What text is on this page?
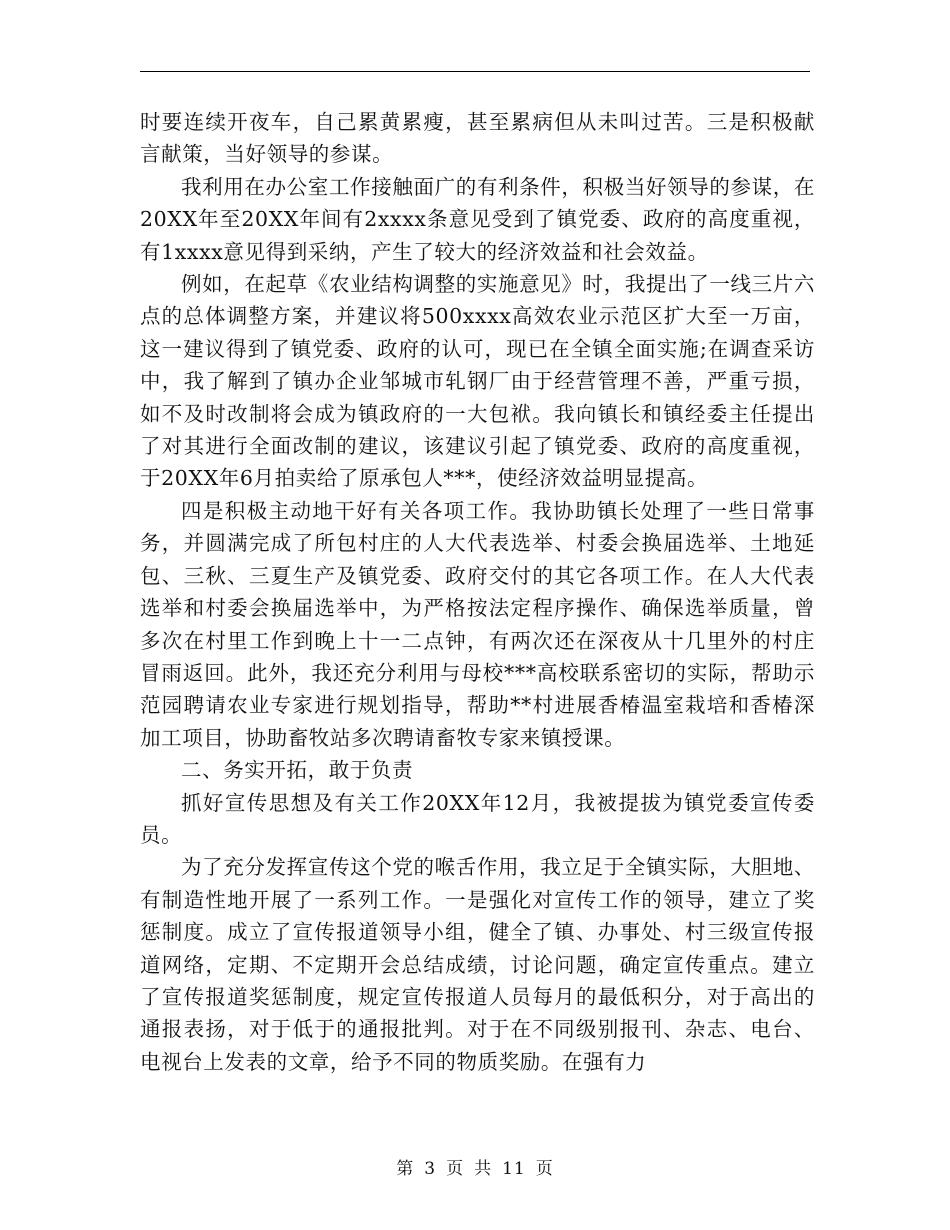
时要连续开夜车，自己累黄累瘦，甚至累病但从未叫过苦。三是积极献言献策，当好领导的参谋。

我利用在办公室工作接触面广的有利条件，积极当好领导的参谋，在20XX年至20XX年间有2xxxx条意见受到了镇党委、政府的高度重视，有1xxxx意见得到采纳，产生了较大的经济效益和社会效益。

例如，在起草《农业结构调整的实施意见》时，我提出了一线三片六点的总体调整方案，并建议将500xxxx高效农业示范区扩大至一万亩，这一建议得到了镇党委、政府的认可，现已在全镇全面实施;在调查采访中，我了解到了镇办企业邹城市轧钢厂由于经营管理不善，严重亏损，如不及时改制将会成为镇政府的一大包袱。我向镇长和镇经委主任提出了对其进行全面改制的建议，该建议引起了镇党委、政府的高度重视，于20XX年6月拍卖给了原承包人***，使经济效益明显提高。

四是积极主动地干好有关各项工作。我协助镇长处理了一些日常事务，并圆满完成了所包村庄的人大代表选举、村委会换届选举、土地延包、三秋、三夏生产及镇党委、政府交付的其它各项工作。在人大代表选举和村委会换届选举中，为严格按法定程序操作、确保选举质量，曾多次在村里工作到晚上十一二点钟，有两次还在深夜从十几里外的村庄冒雨返回。此外，我还充分利用与母校***高校联系密切的实际，帮助示范园聘请农业专家进行规划指导，帮助**村进展香椿温室栽培和香椿深加工项目，协助畜牧站多次聘请畜牧专家来镇授课。

二、务实开拓，敢于负责

抓好宣传思想及有关工作20XX年12月，我被提拔为镇党委宣传委员。

为了充分发挥宣传这个党的喉舌作用，我立足于全镇实际，大胆地、有制造性地开展了一系列工作。一是强化对宣传工作的领导，建立了奖惩制度。成立了宣传报道领导小组，健全了镇、办事处、村三级宣传报道网络，定期、不定期开会总结成绩，讨论问题，确定宣传重点。建立了宣传报道奖惩制度，规定宣传报道人员每月的最低积分，对于高出的通报表扬，对于低于的通报批判。对于在不同级别报刊、杂志、电台、电视台上发表的文章，给予不同的物质奖励。在强有力

第 3 页 共 11 页
